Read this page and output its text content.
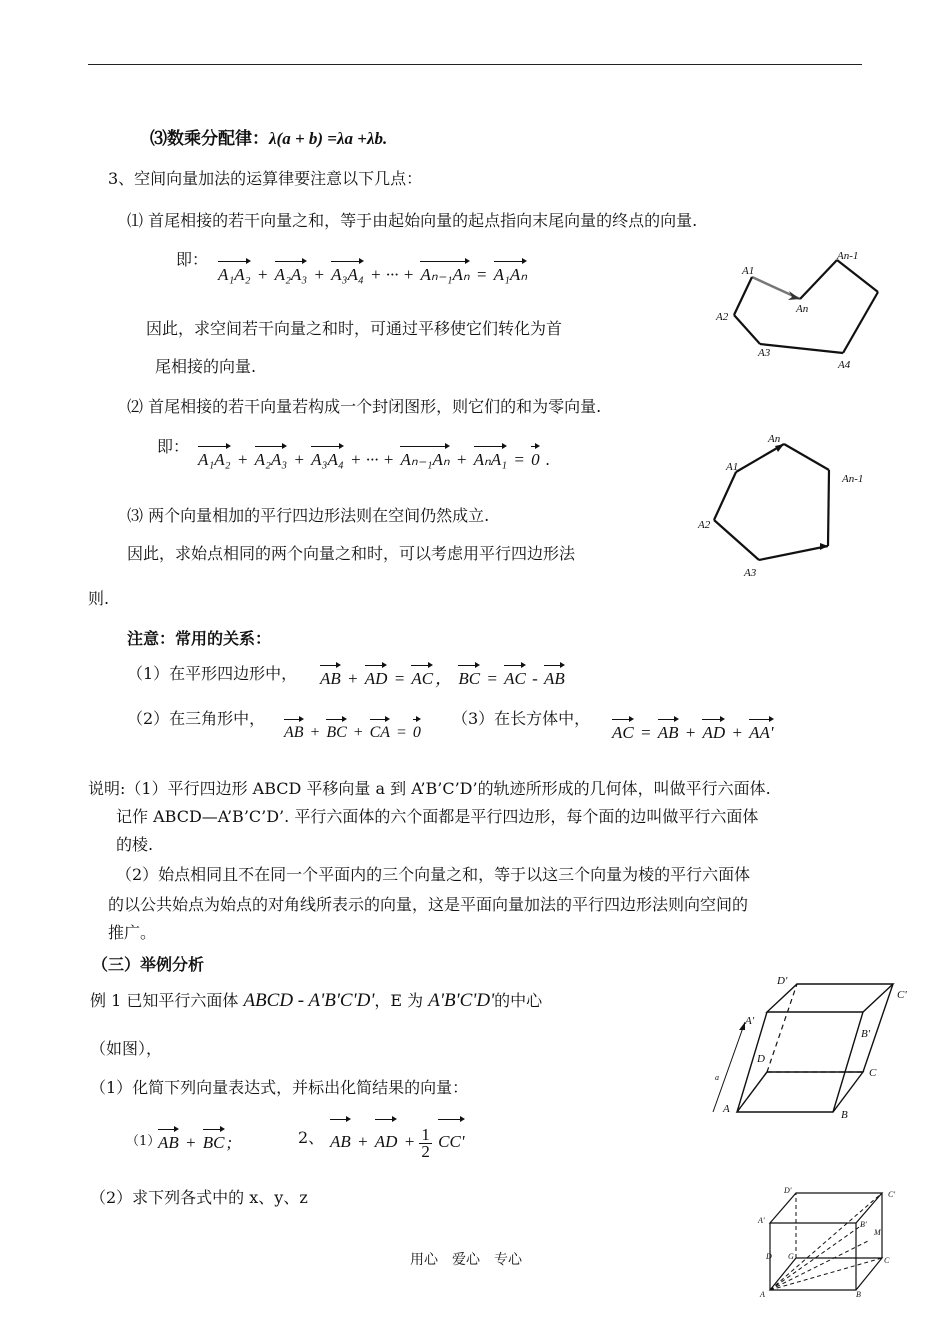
⑶数乘分配律：λ(a + b) =λa +λb.
3、空间向量加法的运算律要注意以下几点：
⑴ 首尾相接的若干向量之和，等于由起始向量的起点指向末尾向量的终点的向量.
即：
A₁A₂ + A₂A₃ + A₃A₄ + ··· + Aₙ₋₁Aₙ = A₁Aₙ
因此，求空间若干向量之和时，可通过平移使它们转化为首
尾相接的向量.
A1
A2
A3
A4
An
An-1
⑵ 首尾相接的若干向量若构成一个封闭图形，则它们的和为零向量.
即：
A₁A₂ + A₂A₃ + A₃A₄ + ··· + Aₙ₋₁Aₙ + AₙA₁ = 0 .	A1
A2
A3
An
An-1
⑶ 两个向量相加的平行四边形法则在空间仍然成立.
因此，求始点相同的两个向量之和时，可以考虑用平行四边形法
则.
注意：常用的关系：
（1）在平形四边形中， AB + AD = AC ， BC = AC - AB
（2）在三角形中，
AB + BC + CA = 0
（3）在长方体中，
AC = AB + AD + AA'
说明:（1）平行四边形 ABCD 平移向量 a 到 A’B’C’D’的轨迹所形成的几何体，叫做平行六面体.
记作 ABCD—A’B’C’D’. 平行六面体的六个面都是平行四边形，每个面的边叫做平行六面体
的棱.
（2）始点相同且不在同一个平面内的三个向量之和，等于以这三个向量为棱的平行六面体
的以公共始点为始点的对角线所表示的向量，这是平面向量加法的平行四边形法则向空间的
推广。
（三）举例分析
例 1 已知平行六面体 ABCD - A'B'C'D'，E 为 A'B'C'D'的中心
（如图），
（1）化简下列向量表达式，并标出化简结果的向量：
（1）
AB + BC ;	2、 AB + AD + $\frac{1}{2} CC'$
（2）求下列各式中的 x、y、z
用心　爱心　专心
A	B
C
D
A'
B'
C'
D'
a
A	B
C
D
A'	B'
C'
D'
M
G
